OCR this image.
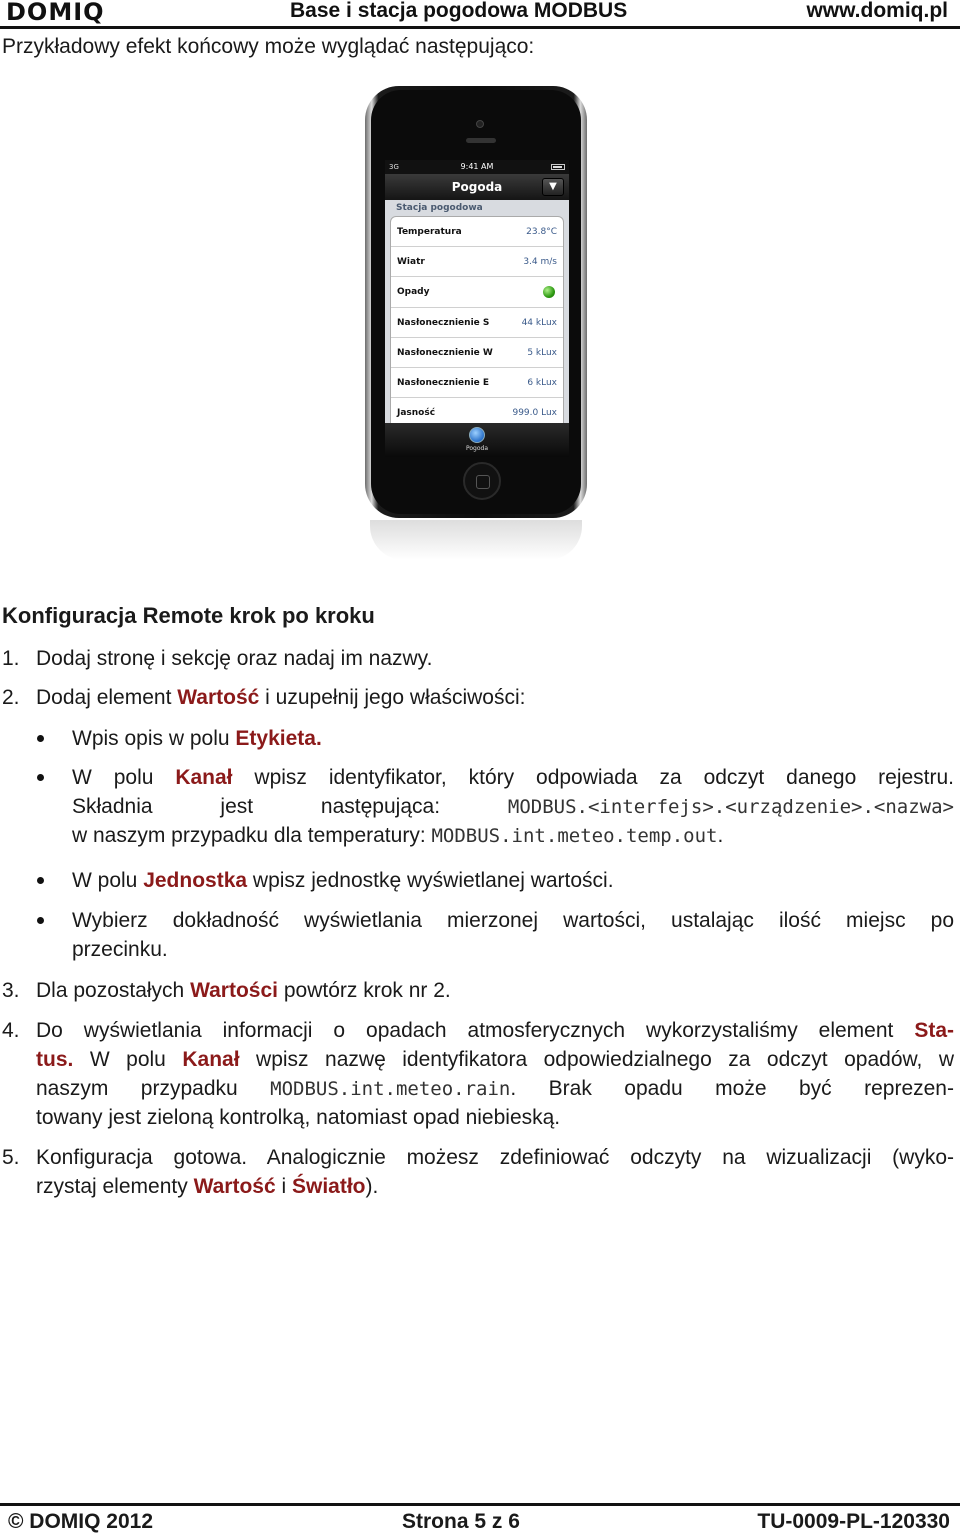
DOMIQ	Base i stacja pogodowa MODBUS	www.domiq.pl
Przykładowy efekt końcowy może wyglądać następująco:
3G	9:41 AM
Pogoda	▼
Stacja pogodowa
Temperatura	23.8°C
Wiatr	3.4 m/s
Opady
Nasłonecznienie S	44 kLux
Nasłonecznienie W	5 kLux
Nasłonecznienie E	6 kLux
Jasność	999.0 Lux
Pogoda
Konfiguracja Remote krok po kroku
1. Dodaj stronę i sekcję oraz nadaj im nazwy.
2. Dodaj element Wartość i uzupełnij jego właściwości:
Wpis opis w polu Etykieta.
W polu Kanał wpisz identyfikator, który odpowiada za odczyt danego rejestru.
Składnia jest następująca: MODBUS.<interfejs>.<urządzenie>.<nazwa>
w naszym przypadku dla temperatury: MODBUS.int.meteo.temp.out.
W polu Jednostka wpisz jednostkę wyświetlanej wartości.
Wybierz dokładność wyświetlania mierzonej wartości, ustalając ilość miejsc po
przecinku.
3. Dla pozostałych Wartości powtórz krok nr 2.
4. Do wyświetlania informacji o opadach atmosferycznych wykorzystaliśmy element Sta-
tus. W polu Kanał wpisz nazwę identyfikatora odpowiedzialnego za odczyt opadów, w
naszym przypadku MODBUS.int.meteo.rain. Brak opadu może być reprezen-
towany jest zieloną kontrolką, natomiast opad niebieską.
5. Konfiguracja gotowa. Analogicznie możesz zdefiniować odczyty na wizualizacji (wyko-
rzystaj elementy Wartość i Światło).
© DOMIQ 2012	Strona 5 z 6	TU-0009-PL-120330
